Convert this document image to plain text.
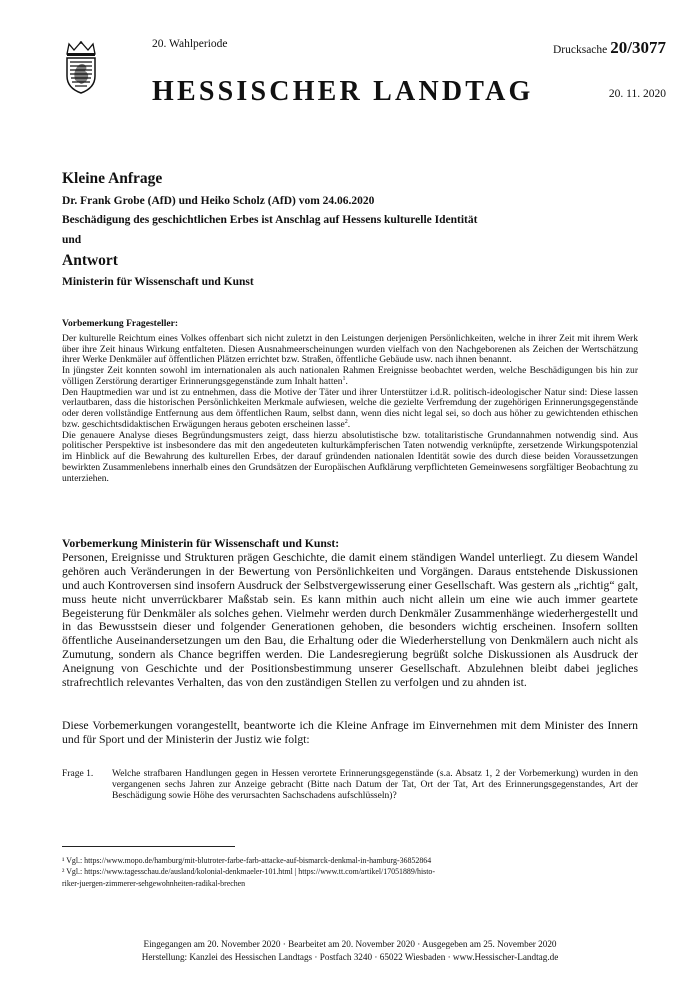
20. Wahlperiode	Drucksache 20/3077
HESSISCHER LANDTAG	20. 11. 2020
Kleine Anfrage
Dr. Frank Grobe (AfD) und Heiko Scholz (AfD) vom 24.06.2020
Beschädigung des geschichtlichen Erbes ist Anschlag auf Hessens kulturelle Identität
und
Antwort
Ministerin für Wissenschaft und Kunst
Vorbemerkung Fragesteller:

Der kulturelle Reichtum eines Volkes offenbart sich nicht zuletzt in den Leistungen derjenigen Persönlichkeiten, welche in ihrer Zeit mit ihrem Werk über ihre Zeit hinaus Wirkung entfalteten. Diesen Ausnahmeerscheinungen wurden vielfach von den Nachgeborenen als Zeichen der Wertschätzung ihrer Werke Denkmäler auf öffentlichen Plätzen errichtet bzw. Straßen, öffentliche Gebäude usw. nach ihnen benannt.

In jüngster Zeit konnten sowohl im internationalen als auch nationalen Rahmen Ereignisse beobachtet werden, welche Beschädigungen bis hin zur völligen Zerstörung derartiger Erinnerungsgegenstände zum Inhalt hatten$^1$.

Den Hauptmedien war und ist zu entnehmen, dass die Motive der Täter und ihrer Unterstützer i.d.R. politisch-ideologischer Natur sind: Diese lassen verlautbaren, dass die historischen Persönlichkeiten Merkmale aufwiesen, welche die gezielte Verfremdung der zugehörigen Erinnerungsgegenstände oder deren vollständige Entfernung aus dem öffentlichen Raum, selbst dann, wenn dies nicht legal sei, so doch aus höher zu gewichtenden ethischen bzw. geschichtsdidaktischen Erwägungen heraus geboten erscheinen lasse$^2$.

Die genauere Analyse dieses Begründungsmusters zeigt, dass hierzu absolutistische bzw. totalitaristische Grundannahmen notwendig sind. Aus politischer Perspektive ist insbesondere das mit den angedeuteten kulturkämpferischen Taten notwendig verknüpfte, zersetzende Wirkungspotenzial im Hinblick auf die Bewahrung des kulturellen Erbes, der darauf gründenden nationalen Identität sowie des durch diese beiden Voraussetzungen bewirkten Zusammenlebens innerhalb eines den Grundsätzen der Europäischen Aufklärung verpflichteten Gemeinwesens sorgfältiger Beobachtung zu unterziehen.

Vorbemerkung Ministerin für Wissenschaft und Kunst:

Personen, Ereignisse und Strukturen prägen Geschichte, die damit einem ständigen Wandel unterliegt. Zu diesem Wandel gehören auch Veränderungen in der Bewertung von Persönlichkeiten und Vorgängen. Daraus entstehende Diskussionen und auch Kontroversen sind insofern Ausdruck der Selbstvergewisserung einer Gesellschaft. Was gestern als „richtig“ galt, muss heute nicht unverrückbarer Maßstab sein. Es kann mithin auch nicht allein um eine wie auch immer geartete Begeisterung für Denkmäler als solches gehen. Vielmehr werden durch Denkmäler Zusammenhänge wiederhergestellt und in das Bewusstsein dieser und folgender Generationen gehoben, die besonders wichtig erscheinen. Insofern sollten öffentliche Auseinandersetzungen um den Bau, die Erhaltung oder die Wiederherstellung von Denkmälern auch nicht als Zumutung, sondern als Chance begriffen werden. Die Landesregierung begrüßt solche Diskussionen als Ausdruck der Aneignung von Geschichte und der Positionsbestimmung unserer Gesellschaft. Abzulehnen bleibt dabei jegliches strafrechtlich relevantes Verhalten, das von den zuständigen Stellen zu verfolgen und zu ahnden ist.

Diese Vorbemerkungen vorangestellt, beantworte ich die Kleine Anfrage im Einvernehmen mit dem Minister des Innern und für Sport und der Ministerin der Justiz wie folgt:
Frage 1.	Welche strafbaren Handlungen gegen in Hessen verortete Erinnerungsgegenstände (s.a. Absatz 1, 2 der Vorbemerkung) wurden in den vergangenen sechs Jahren zur Anzeige gebracht (Bitte nach Datum der Tat, Ort der Tat, Art des Erinnerungsgegenstandes, Art der Beschädigung sowie Höhe des verursachten Sachschadens aufschlüsseln)?

¹ Vgl.: https://www.mopo.de/hamburg/mit-blutroter-farbe-farb-attacke-auf-bismarck-denkmal-in-hamburg-36852864

² Vgl.: https://www.tagesschau.de/ausland/kolonial-denkmaeler-101.html | https://www.tt.com/artikel/17051889/histo-

riker-juergen-zimmerer-sehgewohnheiten-radikal-brechen

Eingegangen am 20. November 2020 · Bearbeitet am 20. November 2020 · Ausgegeben am 25. November 2020
Herstellung: Kanzlei des Hessischen Landtags · Postfach 3240 · 65022 Wiesbaden · www.Hessischer-Landtag.de
